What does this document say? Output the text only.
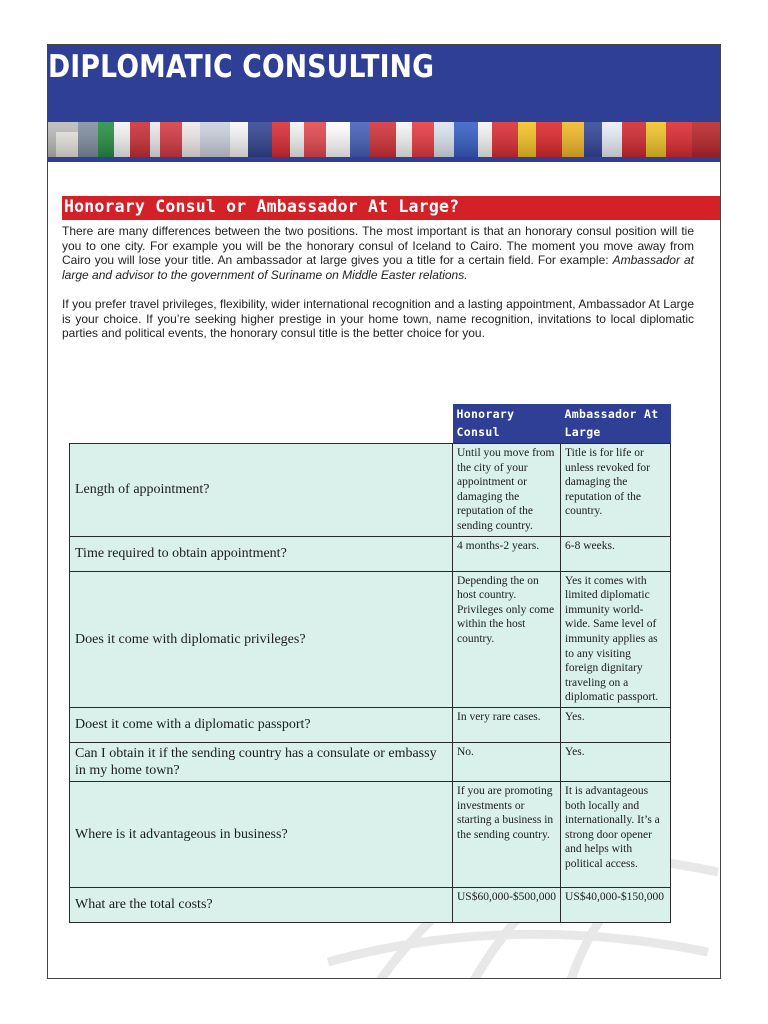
DIPLOMATIC CONSULTING
Honorary Consul or Ambassador At Large?

There are many differences between the two positions. The most important is that an honorary consul position will tie you to one city. For example you will be the honorary consul of Iceland to Cairo. The moment you move away from Cairo you will lose your title. An ambassador at large gives you a title for a certain field. For example: Ambassador at large and advisor to the government of Suriname on Middle Easter relations.

If you prefer travel privileges, flexibility, wider international recognition and a lasting appointment, Ambassador At Large is your choice. If you’re seeking higher prestige in your home town, name recognition, invitations to local diplomatic parties and political events, the honorary consul title is the better choice for you.

	Honorary Consul	Ambassador At Large
Length of appointment?	Until you move from the city of your appointment or damaging the reputation of the sending country.	Title is for life or unless revoked for damaging the reputation of the country.
Time required to obtain appointment?	4 months-2 years.	6-8 weeks.
Does it come with diplomatic privileges?	Depending the on host country. Privileges only come within the host country.	Yes it comes with limited diplomatic immunity world-wide. Same level of immunity applies as to any visiting foreign dignitary traveling on a diplomatic passport.
Doest it come with a diplomatic passport?	In very rare cases.	Yes.
Can I obtain it if the sending country has a consulate or embassy in my home town?	No.	Yes.
Where is it advantageous in business?	If you are promoting investments or starting a business in the sending country.	It is advantageous both locally and internationally. It’s a strong door opener and helps with political access.
What are the total costs?	US$60,000-$500,000	US$40,000-$150,000
